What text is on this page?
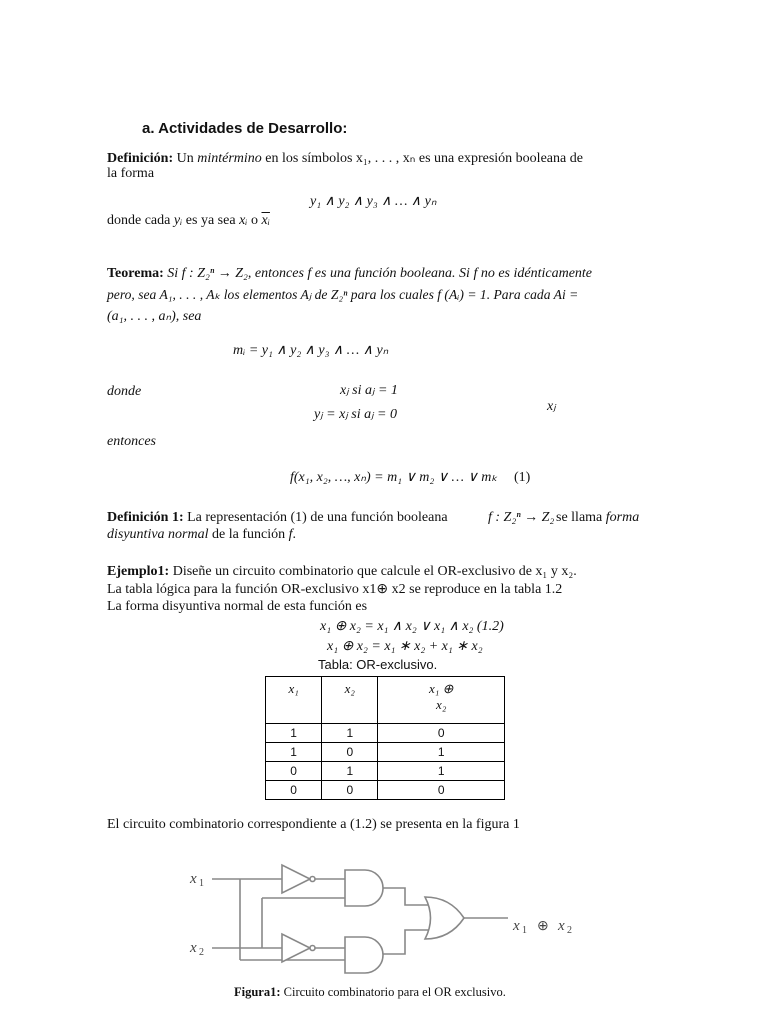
a. Actividades de Desarrollo:
Definición: Un mintérmino en los símbolos x₁, . . . , xₙ es una expresión booleana de
la forma
y₁ ∧ y₂ ∧ y₃ ∧ … ∧ yₙ
donde cada yᵢ es ya sea xᵢ o $\overline{xᵢ}$
Teorema: Si f : Z₂ⁿ → Z₂, entonces f es una función booleana. Si f no es idénticamente
pero, sea A₁, . . . , Aₖ los elementos Aⱼ de Z₂ⁿ para los cuales f (Aᵢ) = 1. Para cada Ai =
(a₁, . . . , aₙ), sea
mᵢ = y₁ ∧ y₂ ∧ y₃ ∧ … ∧ yₙ
donde	xⱼ si aⱼ = 1
yⱼ = xⱼ si aⱼ = 0
xⱼ
entonces
f(x₁, x₂, …, xₙ) = m₁ ∨ m₂ ∨ … ∨ mₖ (1)
Definición 1: La representación (1) de una función booleana	f : Z₂ⁿ → Z₂ se llama forma
disyuntiva normal de la función f.
Ejemplo1: Diseñe un circuito combinatorio que calcule el OR-exclusivo de x₁ y x₂.
La tabla lógica para la función OR-exclusivo x1⊕ x2 se reproduce en la tabla 1.2
La forma disyuntiva normal de esta función es
x₁ ⊕ x₂ = x₁ ∧ x₂ ∨ x₁ ∧ x₂ (1.2)
x₁ ⊕ x₂ = x₁ ∗ x₂ + x₁ ∗ x₂
Tabla: OR-exclusivo.
x₁	x₂	x₁ ⊕
x₂
1	1	0
1	0	1
0	1	1
0	0	0
El circuito combinatorio correspondiente a (1.2) se presenta en la figura 1
x 1
x 2
x 1 ⊕ x 2
Figura1: Circuito combinatorio para el OR exclusivo.
